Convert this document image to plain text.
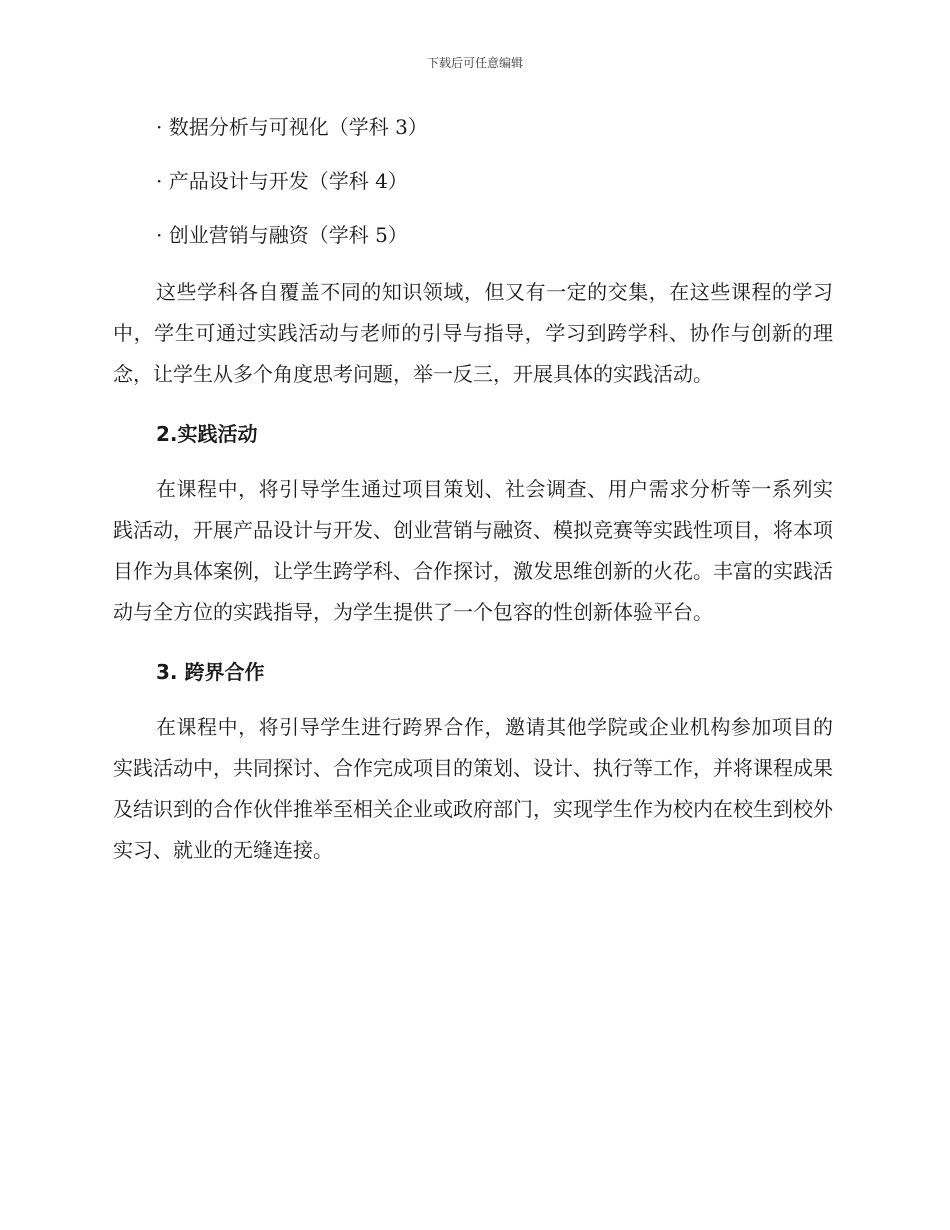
下载后可任意编辑
· 数据分析与可视化（学科 3）
· 产品设计与开发（学科 4）
· 创业营销与融资（学科 5）

这些学科各自覆盖不同的知识领域，但又有一定的交集，在这些课程的学习中，学生可通过实践活动与老师的引导与指导，学习到跨学科、协作与创新的理念，让学生从多个角度思考问题，举一反三，开展具体的实践活动。

2.实践活动

在课程中，将引导学生通过项目策划、社会调查、用户需求分析等一系列实践活动，开展产品设计与开发、创业营销与融资、模拟竞赛等实践性项目，将本项目作为具体案例，让学生跨学科、合作探讨，激发思维创新的火花。丰富的实践活动与全方位的实践指导，为学生提供了一个包容的性创新体验平台。

3. 跨界合作

在课程中，将引导学生进行跨界合作，邀请其他学院或企业机构参加项目的实践活动中，共同探讨、合作完成项目的策划、设计、执行等工作，并将课程成果及结识到的合作伙伴推举至相关企业或政府部门，实现学生作为校内在校生到校外实习、就业的无缝连接。
